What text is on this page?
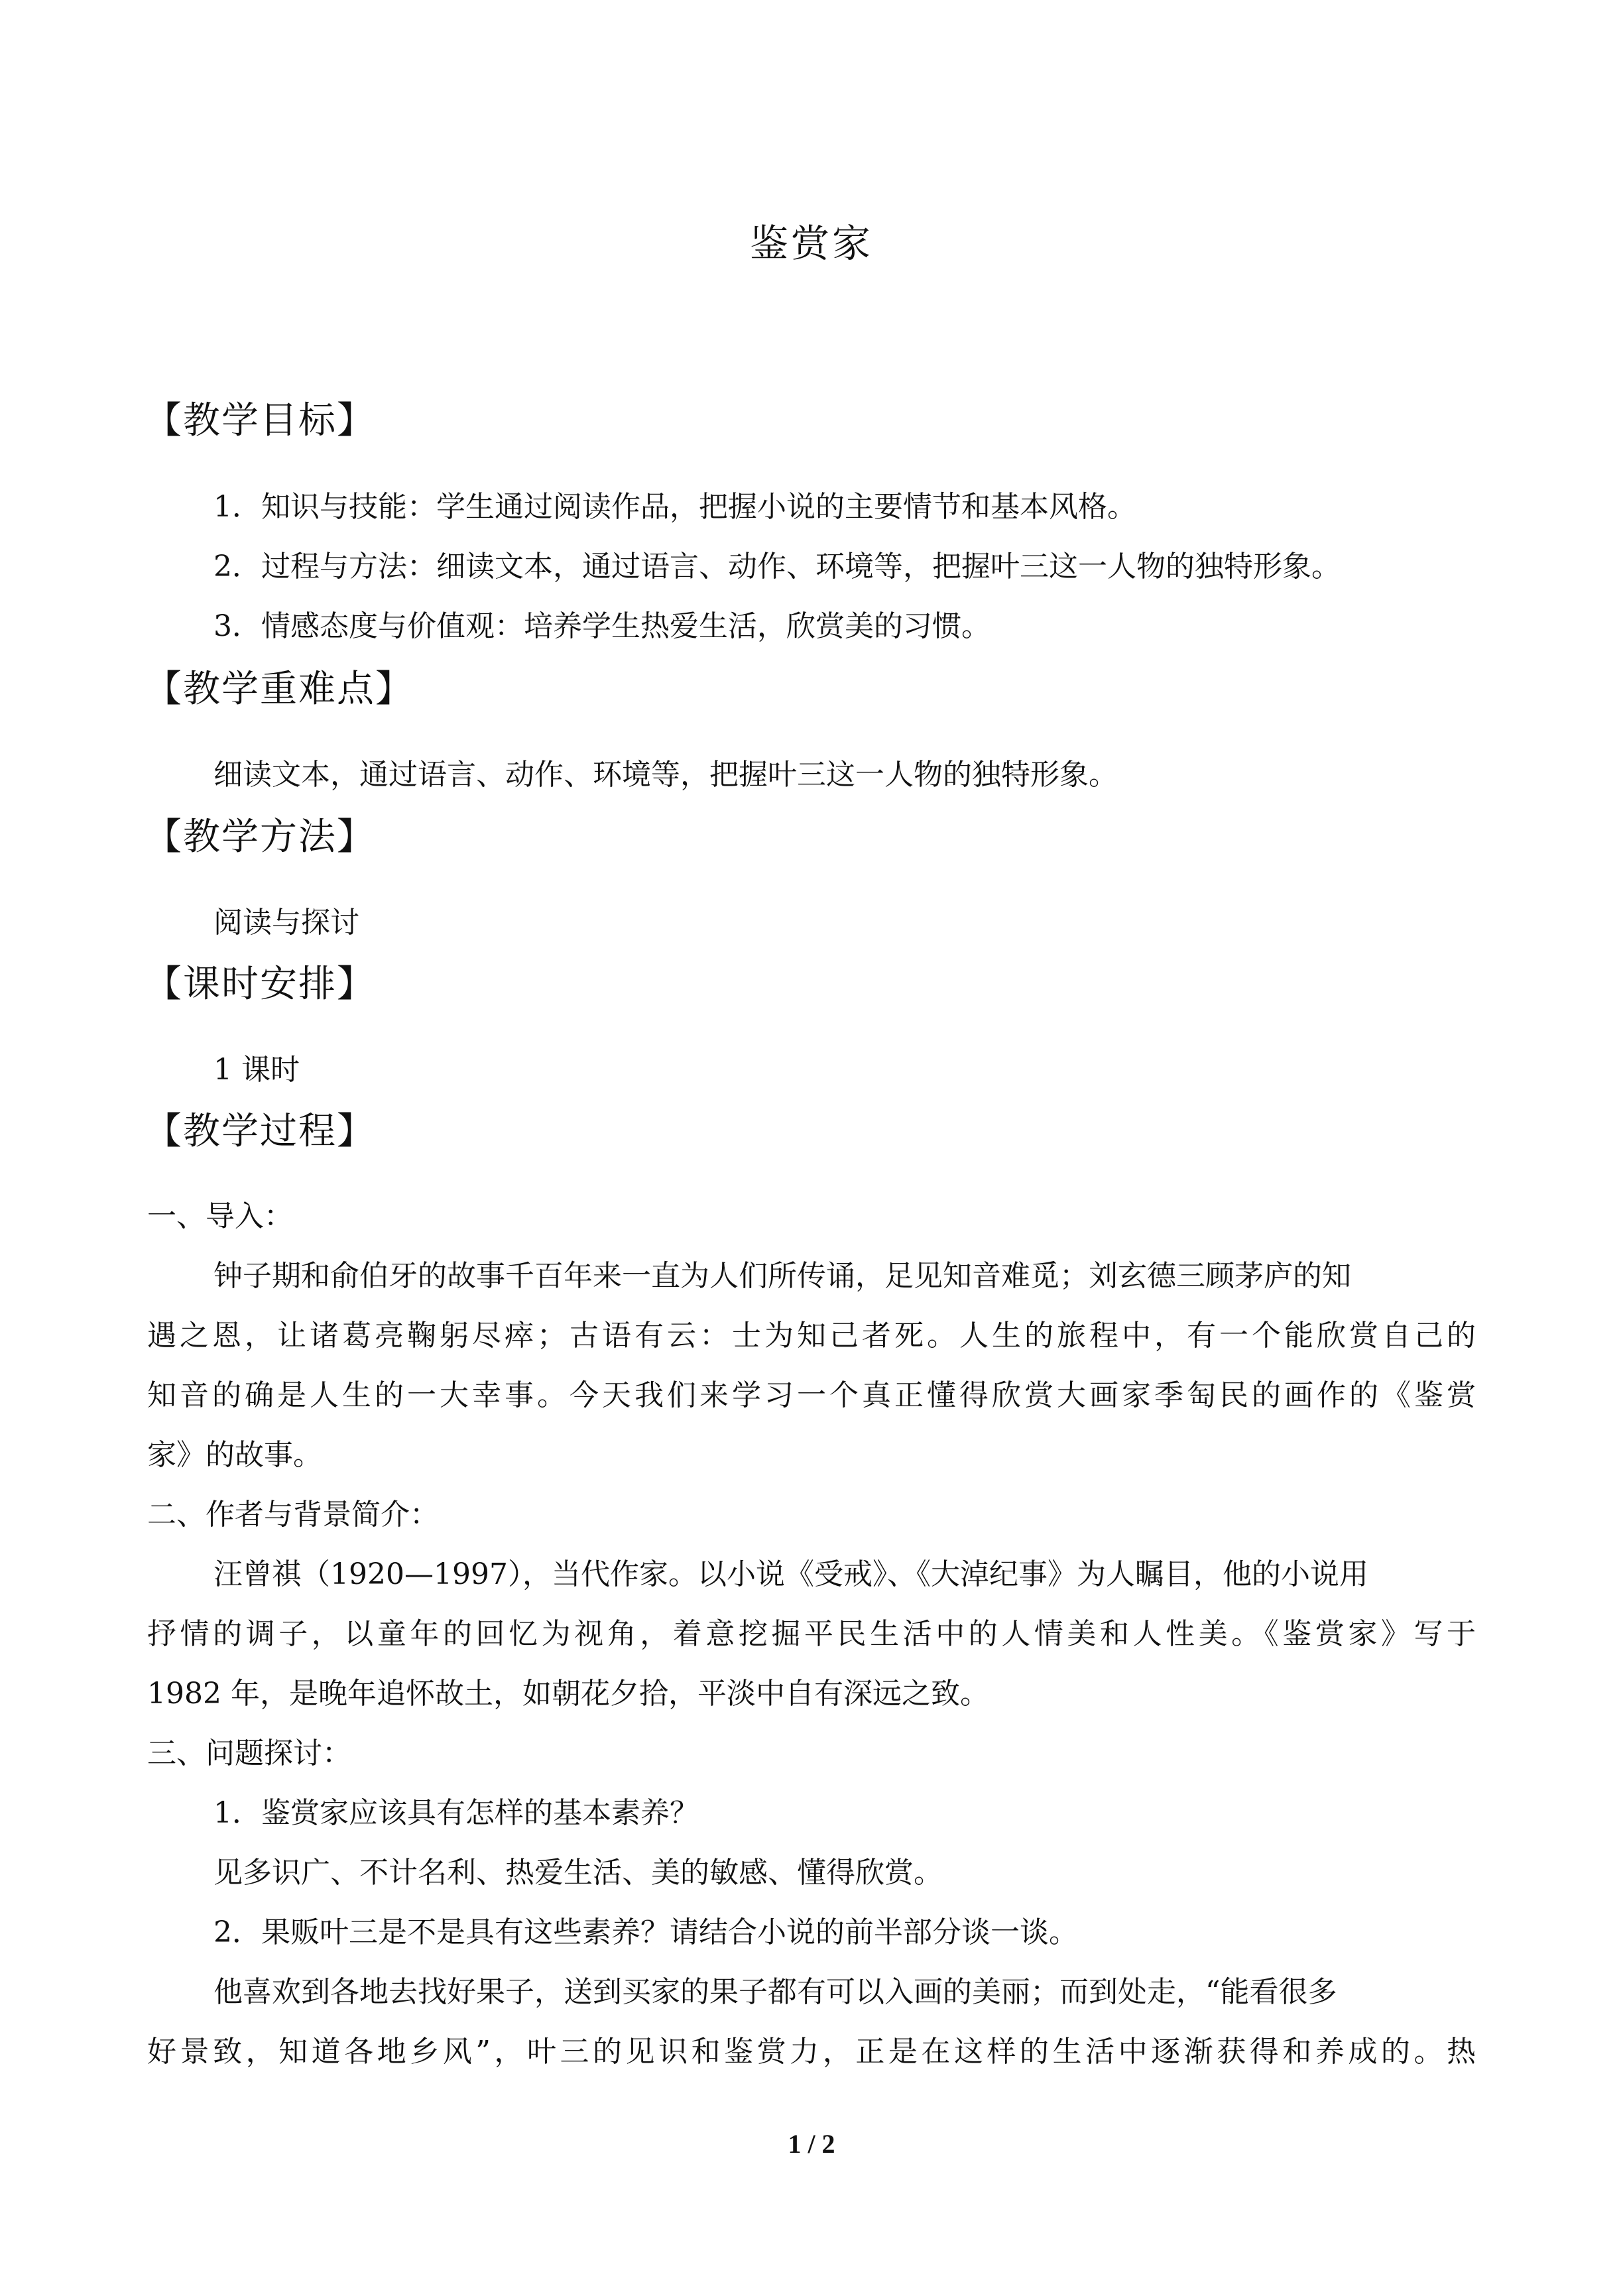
鉴赏家
【教学目标】
1．知识与技能：学生通过阅读作品，把握小说的主要情节和基本风格。
2．过程与方法：细读文本，通过语言、动作、环境等，把握叶三这一人物的独特形象。
3．情感态度与价值观：培养学生热爱生活，欣赏美的习惯。
【教学重难点】
细读文本，通过语言、动作、环境等，把握叶三这一人物的独特形象。
【教学方法】
阅读与探讨
【课时安排】
1 课时
【教学过程】
一、导入：
钟子期和俞伯牙的故事千百年来一直为人们所传诵，足见知音难觅；刘玄德三顾茅庐的知
遇之恩，让诸葛亮鞠躬尽瘁；古语有云：士为知己者死。人生的旅程中，有一个能欣赏自己的
知音的确是人生的一大幸事。今天我们来学习一个真正懂得欣赏大画家季匋民的画作的《鉴赏
家》的故事。
二、作者与背景简介：
汪曾祺（1920—1997），当代作家。以小说《受戒》、《大淖纪事》为人瞩目，他的小说用
抒情的调子，以童年的回忆为视角，着意挖掘平民生活中的人情美和人性美。《鉴赏家》写于
1982 年，是晚年追怀故土，如朝花夕拾，平淡中自有深远之致。
三、问题探讨：
1．鉴赏家应该具有怎样的基本素养？
见多识广、不计名利、热爱生活、美的敏感、懂得欣赏。
2．果贩叶三是不是具有这些素养？请结合小说的前半部分谈一谈。
他喜欢到各地去找好果子，送到买家的果子都有可以入画的美丽；而到处走，“能看很多
好景致，知道各地乡风”，叶三的见识和鉴赏力，正是在这样的生活中逐渐获得和养成的。热
1 / 2
